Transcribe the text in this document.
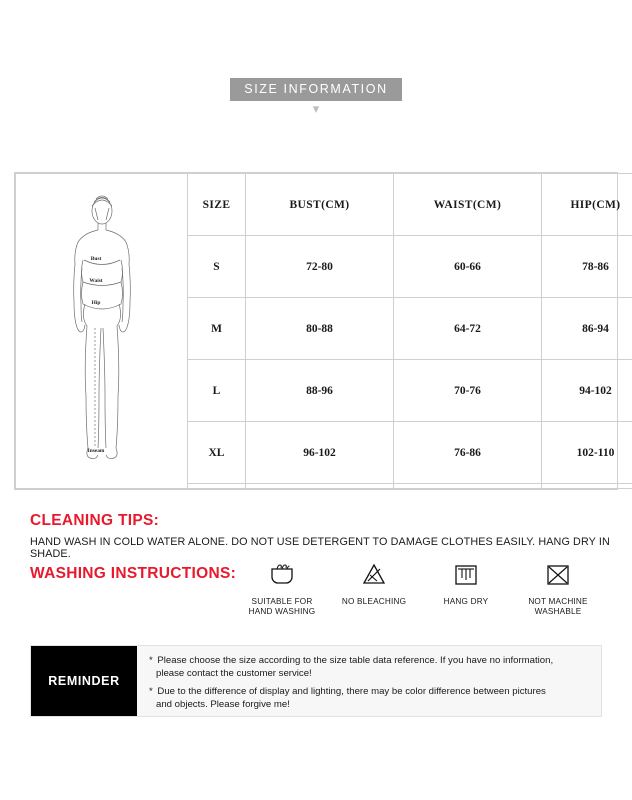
SIZE INFORMATION
▾
Bust
Waist
Hip
Inseam	SIZE	BUST(CM)	WAIST(CM)	HIP(CM)
	S	72-80	60-66	78-86
	M	80-88	64-72	86-94
	L	88-96	70-76	94-102
	XL	96-102	76-86	102-110

CLEANING TIPS:
HAND WASH IN COLD WATER ALONE. DO NOT USE DETERGENT TO DAMAGE CLOTHES EASILY. HANG DRY IN SHADE.
WASHING INSTRUCTIONS:
SUITABLE FOR
HAND WASHING
NO BLEACHING	HANG DRY	NOT MACHINE
WASHABLE
REMINDER
* Please choose the size according to the size table data reference. If you have no information,
please contact the customer service!
* Due to the difference of display and lighting, there may be color difference between pictures
and objects. Please forgive me!
